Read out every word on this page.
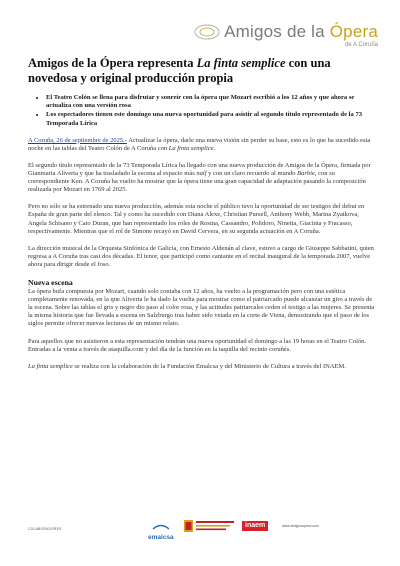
Amigos de la Ópera
de A Coruña
Amigos de la Ópera representa La finta semplice con una novedosa y original producción propia
• El Teatro Colón se llena para disfrutar y sonreír con la ópera que Mozart escribió a los 12 años y que ahora se actualiza con una versión rosa
• Los espectadores tienen este domingo una nueva oportunidad para asistir al segundo título representado de la 73 Temporada Lírica

A Coruña, 26 de septiembre de 2025.- Actualizar la ópera, darle una nueva visión sin perder su base, esto es lo que ha sucedido esta noche en las tablas del Teatro Colón de A Coruña con La finta semplice.

El segundo título representado de la 73 Temporada Lírica ha llegado con una nueva producción de Amigos de la Ópera, firmada por Gianmaria Aliverta y que ha trasladado la escena al espacio más naíf y con un claro recuerdo al mundo Barbie, con su correspondiente Ken. A Coruña ha vuelto ha mostrar que la ópera tiene una gran capacidad de adaptación pasando la composición realizada por Mozart en 1769 al 2025.

Pero no sólo se ha estrenado una nueva producción, además esta noche el público tuvo la oportunidad de ser testigos del debut en España de gran parte del elenco. Tal y como ha sucedido con Diana Alexe, Christian Pursell, Anthony Webb, Marina Zyatkova, Angela Schisano y Caio Duran, que han representado los roles de Rosina, Cassandro, Polidoro, Ninetta, Giacinta y Fracasso, respectivamente. Mientras que el rol de Simone recayó en David Cervera, en su segunda actuación en A Coruña.

La dirección musical de la Orquesta Sinfónica de Galicia, con Ernesto Aldenán al clave, estuvo a cargo de Giuseppe Sabbatini, quien regresa a A Coruña tras casi dos décadas. El tenor, que participó como cantante en el recital inaugural de la temporada 2007, vuelve ahora para dirigir desde el foso.

Nueva escena

La ópera bufa compuesta por Mozart, cuando solo contaba con 12 años, ha vuelto a la programación pero con una estética completamente renovada, en la que Aliverta le ha dado la vuelta para mostrar como el patriarcado puede alcanzar un giro a través de la escena. Sobre las tablas el gris y negro dio paso al color rosa, y las actitudes patriarcales ceden el testigo a las mujeres. Se presenta la misma historia que fue llevada a escena en Salzburgo tras haber sido vetada en la corte de Viena, demostrando que el paso de los siglos permite ofrecer nuevas lecturas de un mismo relato.

Para aquellos que no asistieron a esta representación tendrán una nueva oportunidad el domingo a las 19 horas en el Teatro Colón. Entradas a la venta a través de ataquilla.com y del día de la función en la taquilla del recinto coruñés.

La finta semplice se realiza con la colaboración de la Fundación Emalcsa y del Ministerio de Cultura a través del INAEM.

COLABORADORES
emalcsa
inaem	www.amigosopera.com
